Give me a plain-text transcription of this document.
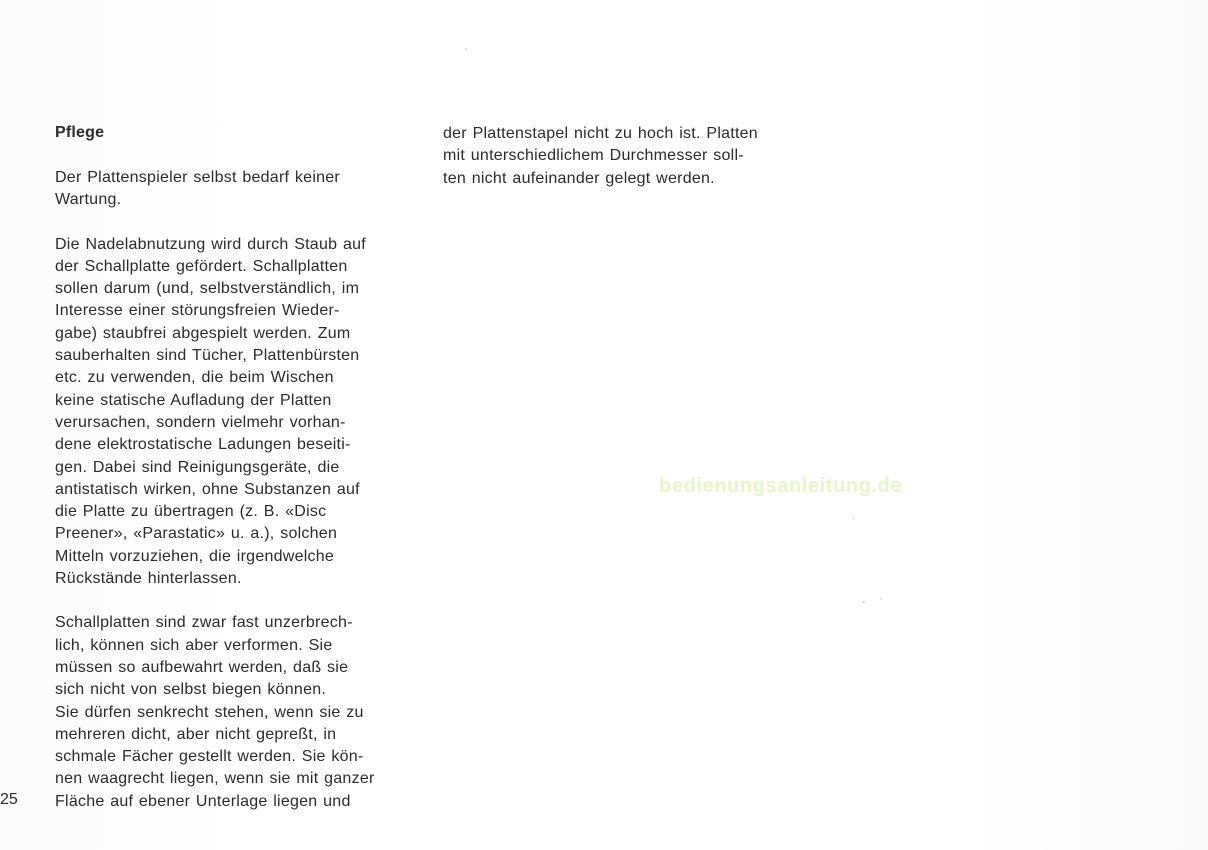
Pflege
Der Plattenspieler selbst bedarf keiner
Wartung.
Die Nadelabnutzung wird durch Staub auf
der Schallplatte gefördert. Schallplatten
sollen darum (und, selbstverständlich, im
Interesse einer störungsfreien Wieder-
gabe) staubfrei abgespielt werden. Zum
sauberhalten sind Tücher, Plattenbürsten
etc. zu verwenden, die beim Wischen
keine statische Aufladung der Platten
verursachen, sondern vielmehr vorhan-
dene elektrostatische Ladungen beseiti-
gen. Dabei sind Reinigungsgeräte, die
antistatisch wirken, ohne Substanzen auf
die Platte zu übertragen (z. B. «Disc
Preener», «Parastatic» u. a.), solchen
Mitteln vorzuziehen, die irgendwelche
Rückstände hinterlassen.
Schallplatten sind zwar fast unzerbrech-
lich, können sich aber verformen. Sie
müssen so aufbewahrt werden, daß sie
sich nicht von selbst biegen können.
Sie dürfen senkrecht stehen, wenn sie zu
mehreren dicht, aber nicht gepreßt, in
schmale Fächer gestellt werden. Sie kön-
nen waagrecht liegen, wenn sie mit ganzer
Fläche auf ebener Unterlage liegen und
der Plattenstapel nicht zu hoch ist. Platten
mit unterschiedlichem Durchmesser soll-
ten nicht aufeinander gelegt werden.
bedienungsanleitung.de
25
